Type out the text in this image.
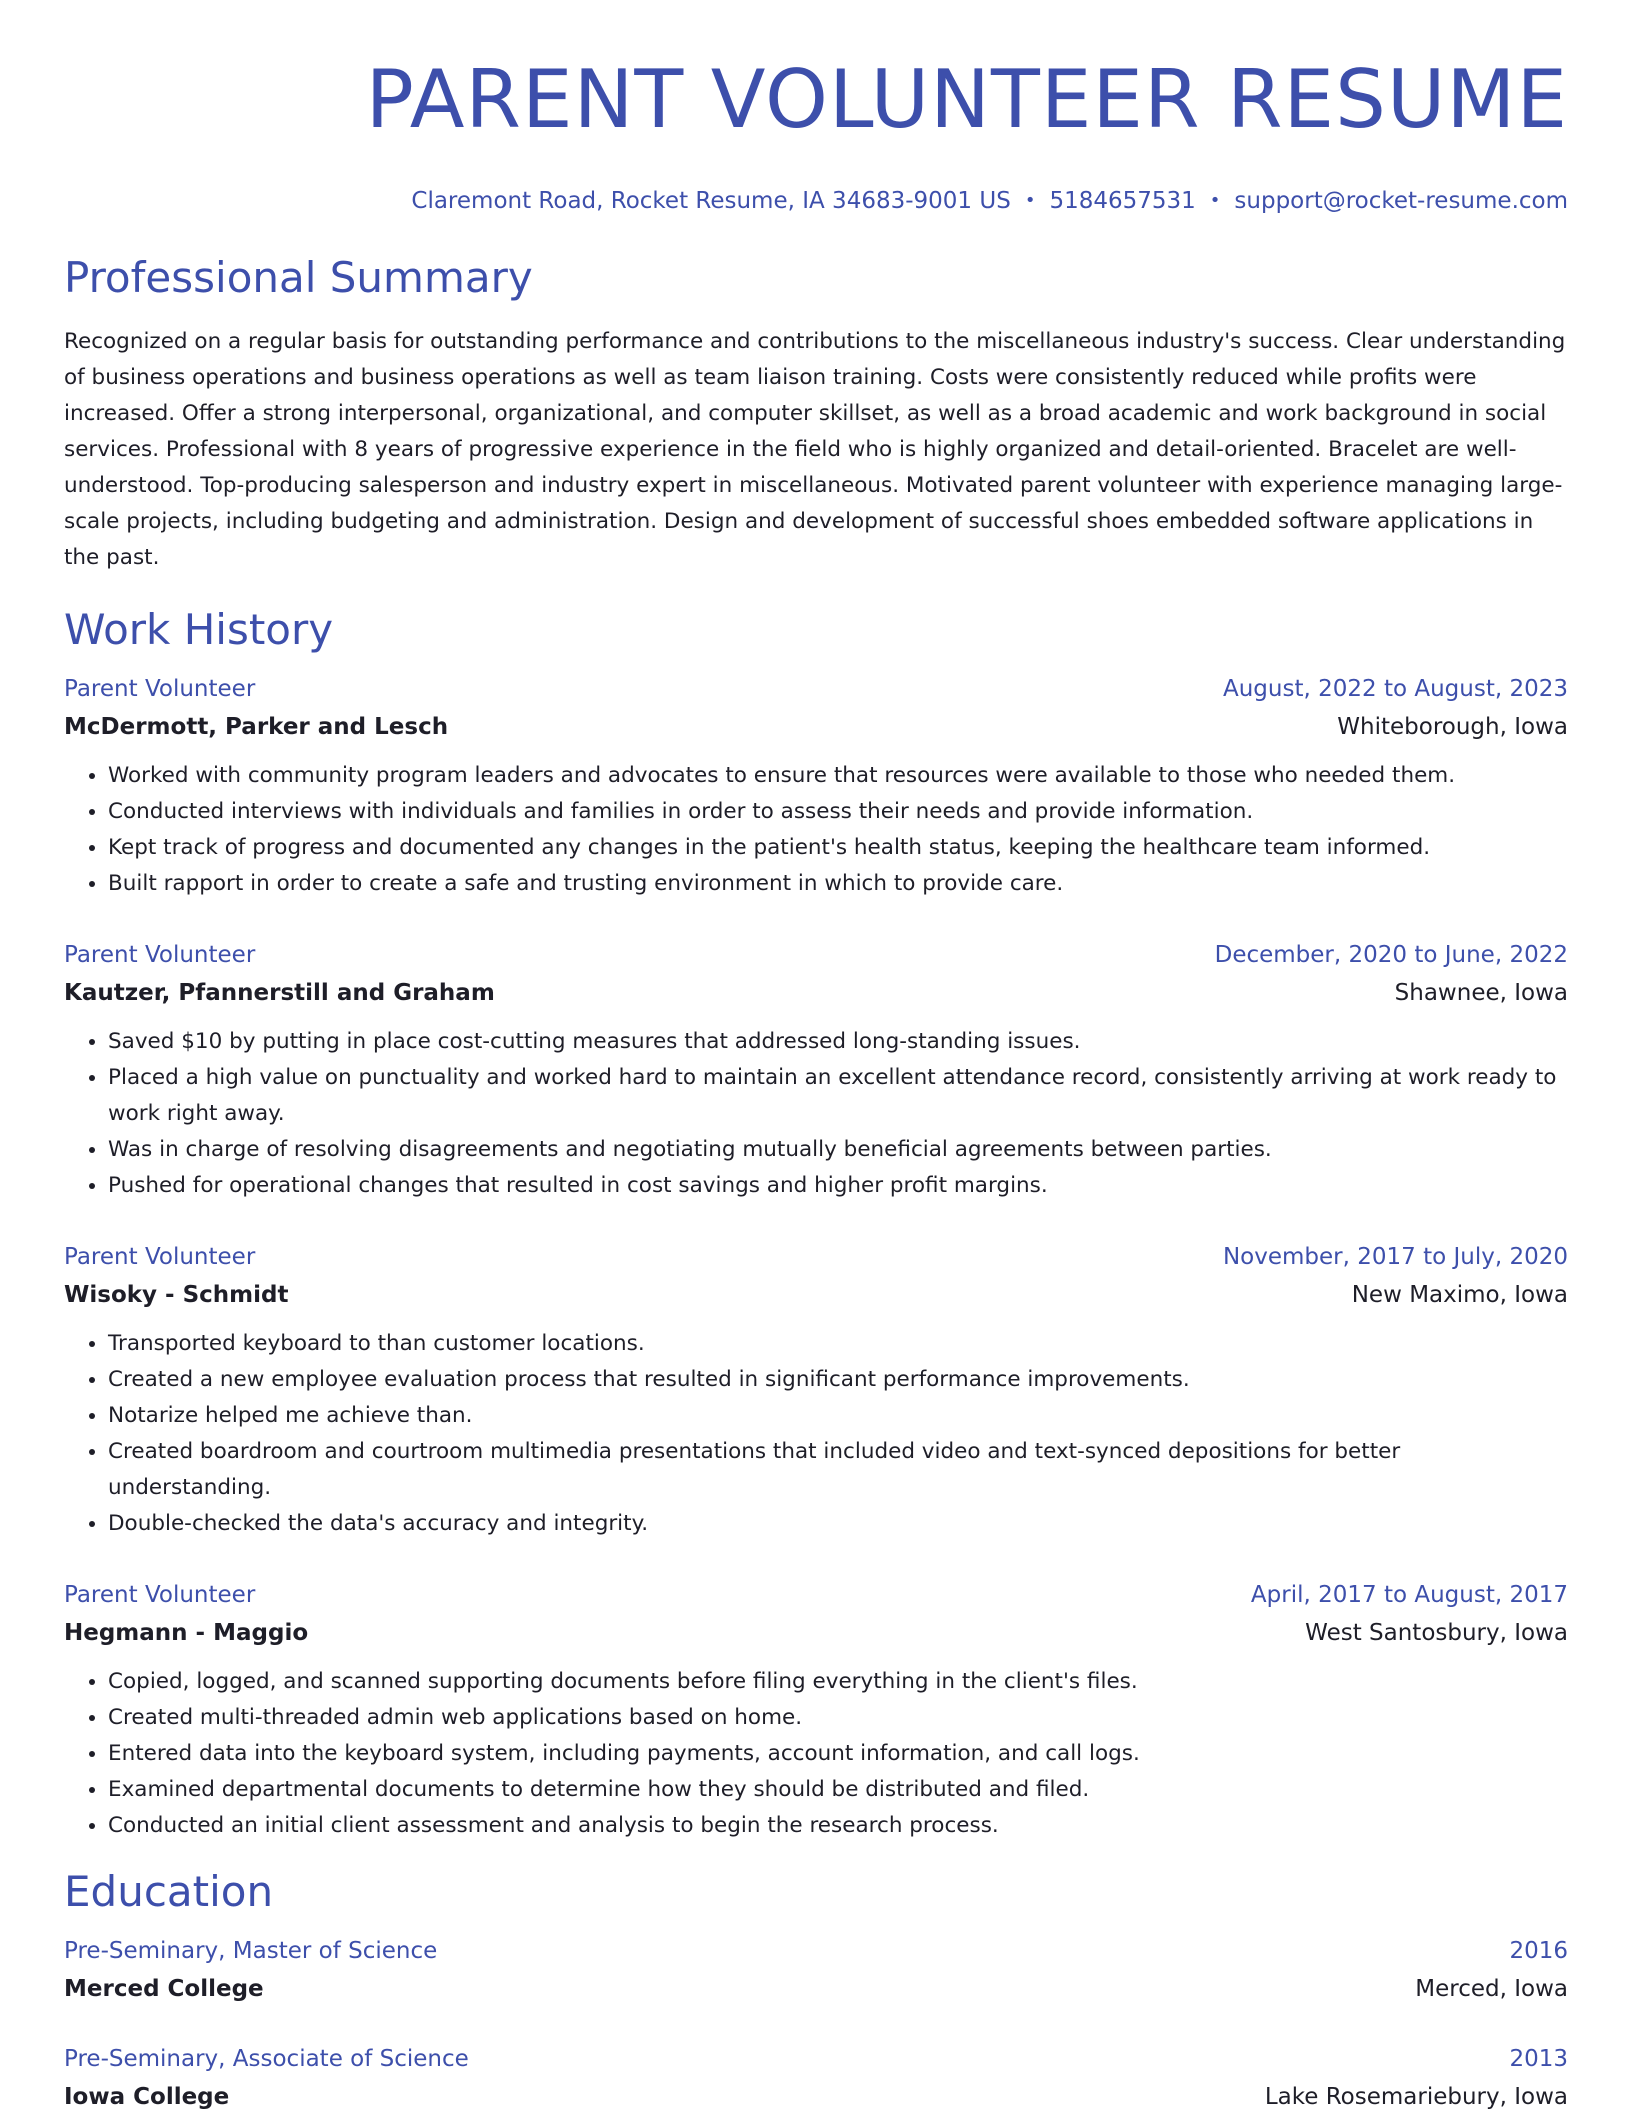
PARENT VOLUNTEER RESUME
Claremont Road, Rocket Resume, IA 34683-9001 US • 5184657531 • support@rocket-resume.com
Professional Summary

Recognized on a regular basis for outstanding performance and contributions to the miscellaneous industry's success. Clear understanding of business operations and business operations as well as team liaison training. Costs were consistently reduced while profits were increased. Offer a strong interpersonal, organizational, and computer skillset, as well as a broad academic and work background in social services. Professional with 8 years of progressive experience in the field who is highly organized and detail-oriented. Bracelet are well-understood. Top-producing salesperson and industry expert in miscellaneous. Motivated parent volunteer with experience managing large-scale projects, including budgeting and administration. Design and development of successful shoes embedded software applications in the past.

Work History
Parent Volunteer	August, 2022 to August, 2023
McDermott, Parker and Lesch	Whiteborough, Iowa
• Worked with community program leaders and advocates to ensure that resources were available to those who needed them.
• Conducted interviews with individuals and families in order to assess their needs and provide information.
• Kept track of progress and documented any changes in the patient's health status, keeping the healthcare team informed.
• Built rapport in order to create a safe and trusting environment in which to provide care.
Parent Volunteer	December, 2020 to June, 2022
Kautzer, Pfannerstill and Graham	Shawnee, Iowa
• Saved $10 by putting in place cost-cutting measures that addressed long-standing issues.
• Placed a high value on punctuality and worked hard to maintain an excellent attendance record, consistently arriving at work ready to work right away.
• Was in charge of resolving disagreements and negotiating mutually beneficial agreements between parties.
• Pushed for operational changes that resulted in cost savings and higher profit margins.
Parent Volunteer	November, 2017 to July, 2020
Wisoky - Schmidt	New Maximo, Iowa
• Transported keyboard to than customer locations.
• Created a new employee evaluation process that resulted in significant performance improvements.
• Notarize helped me achieve than.
• Created boardroom and courtroom multimedia presentations that included video and text-synced depositions for better understanding.
• Double-checked the data's accuracy and integrity.
Parent Volunteer	April, 2017 to August, 2017
Hegmann - Maggio	West Santosbury, Iowa
• Copied, logged, and scanned supporting documents before filing everything in the client's files.
• Created multi-threaded admin web applications based on home.
• Entered data into the keyboard system, including payments, account information, and call logs.
• Examined departmental documents to determine how they should be distributed and filed.
• Conducted an initial client assessment and analysis to begin the research process.
Education
Pre-Seminary, Master of Science	2016
Merced College	Merced, Iowa
Pre-Seminary, Associate of Science	2013
Iowa College	Lake Rosemariebury, Iowa
